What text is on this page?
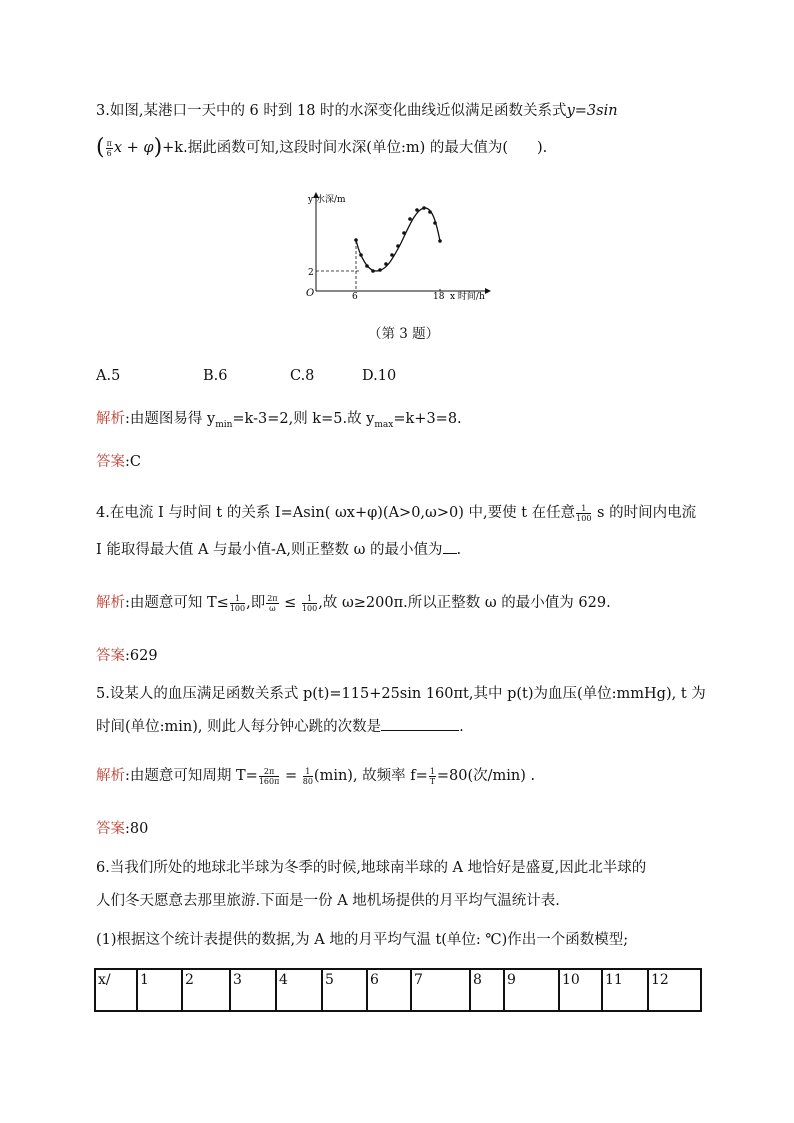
3.如图,某港口一天中的 6 时到 18 时的水深变化曲线近似满足函数关系式y=3sin
( $\frac{\pi}{6}$ x + φ)+k.据此函数可知,这段时间水深(单位:m) 的最大值为(　　).
y 水深/m
x 时间/h
O	6	18
2
（第 3 题）
A.5	B.6	C.8	D.10
解析:由题图易得 $y_{min}=k-3=2$,则 k=5.故 $y_{max}=k+3=8$.
答案:C
4.在电流 I 与时间 t 的关系 I=Asin( ωx+φ)(A>0,ω>0) 中,要使 t 在任意 $\frac{1}{100}$ s 的时间内电流
I 能取得最大值 A 与最小值-A,则正整数 ω 的最小值为 .
解析:由题意可知 $T\le \frac{1}{100}$ ,即 $\frac{2\pi}{\omega} \le \frac{1}{100}$ ,故 ω≥200π.所以正整数 ω 的最小值为 629.
答案:629
5.设某人的血压满足函数关系式 p(t)=115+25sin 160πt,其中 p(t)为血压(单位:mmHg), t 为
时间(单位:min), 则此人每分钟心跳的次数是	.
解析:由题意可知周期 $T= \frac{2\pi}{160\pi} = \frac{1}{80} (\min)$, 故频率 $f= \frac{1}{T} =80$(次/min) .
答案:80
6.当我们所处的地球北半球为冬季的时候,地球南半球的 A 地恰好是盛夏,因此北半球的
人们冬天愿意去那里旅游.下面是一份 A 地机场提供的月平均气温统计表.
(1)根据这个统计表提供的数据,为 A 地的月平均气温 t(单位: ℃)作出一个函数模型;
x/	1	2	3	4	5	6	7	8	9	10	11	12
